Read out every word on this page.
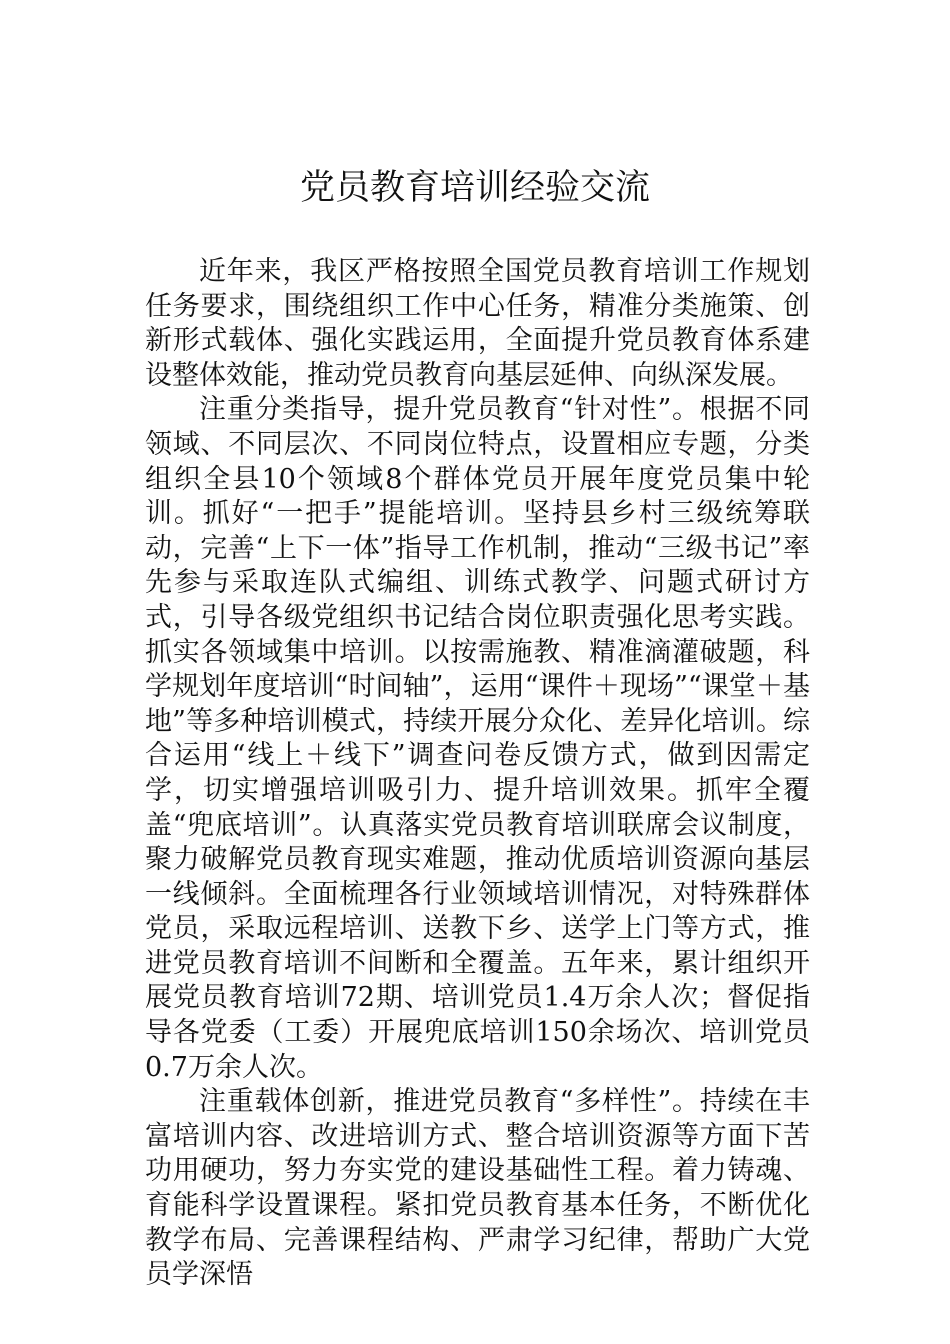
党员教育培训经验交流

近年来，我区严格按照全国党员教育培训工作规划任务要求，围绕组织工作中心任务，精准分类施策、创新形式载体、强化实践运用，全面提升党员教育体系建设整体效能，推动党员教育向基层延伸、向纵深发展。

注重分类指导，提升党员教育“针对性”。根据不同领域、不同层次、不同岗位特点，设置相应专题，分类组织全县10个领域8个群体党员开展年度党员集中轮训。抓好“一把手”提能培训。坚持县乡村三级统筹联动，完善“上下一体”指导工作机制，推动“三级书记”率先参与采取连队式编组、训练式教学、问题式研讨方式，引导各级党组织书记结合岗位职责强化思考实践。抓实各领域集中培训。以按需施教、精准滴灌破题，科学规划年度培训“时间轴”，运用“课件＋现场”“课堂＋基地”等多种培训模式，持续开展分众化、差异化培训。综合运用“线上＋线下”调查问卷反馈方式，做到因需定学，切实增强培训吸引力、提升培训效果。抓牢全覆盖“兜底培训”。认真落实党员教育培训联席会议制度，聚力破解党员教育现实难题，推动优质培训资源向基层一线倾斜。全面梳理各行业领域培训情况，对特殊群体党员，采取远程培训、送教下乡、送学上门等方式，推进党员教育培训不间断和全覆盖。五年来，累计组织开展党员教育培训72期、培训党员1.4万余人次；督促指导各党委（工委）开展兜底培训150余场次、培训党员0.7万余人次。

注重载体创新，推进党员教育“多样性”。持续在丰富培训内容、改进培训方式、整合培训资源等方面下苦功用硬功，努力夯实党的建设基础性工程。着力铸魂、育能科学设置课程。紧扣党员教育基本任务，不断优化教学布局、完善课程结构、严肃学习纪律，帮助广大党员学深悟
